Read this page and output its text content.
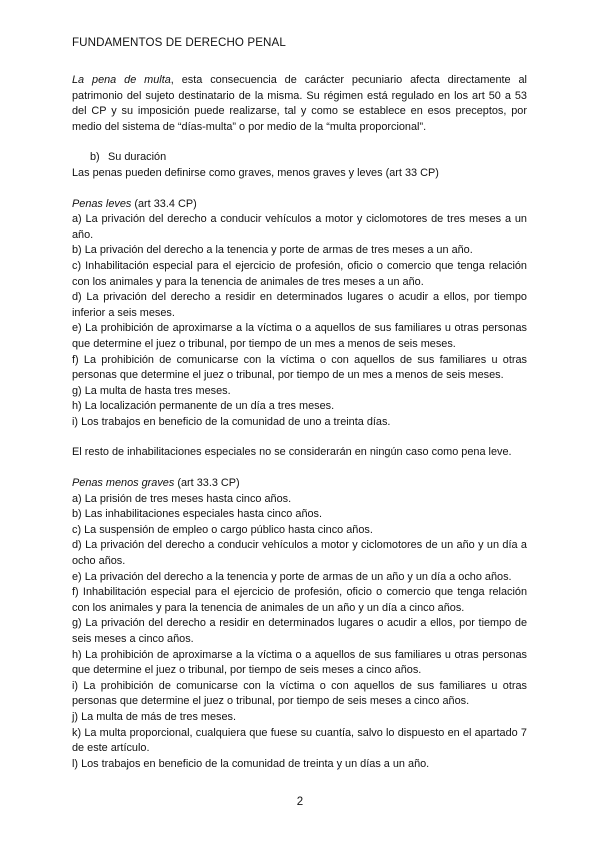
FUNDAMENTOS DE DERECHO PENAL

La pena de multa, esta consecuencia de carácter pecuniario afecta directamente al patrimonio del sujeto destinatario de la misma. Su régimen está regulado en los art 50 a 53 del CP y su imposición puede realizarse, tal y como se establece en esos preceptos, por medio del sistema de “días-multa” o por medio de la “multa proporcional”.

b) Su duración

Las penas pueden definirse como graves, menos graves y leves (art 33 CP)

Penas leves (art 33.4 CP)

a) La privación del derecho a conducir vehículos a motor y ciclomotores de tres meses a un año.

b) La privación del derecho a la tenencia y porte de armas de tres meses a un año.

c) Inhabilitación especial para el ejercicio de profesión, oficio o comercio que tenga relación con los animales y para la tenencia de animales de tres meses a un año.

d) La privación del derecho a residir en determinados lugares o acudir a ellos, por tiempo inferior a seis meses.

e) La prohibición de aproximarse a la víctima o a aquellos de sus familiares u otras personas que determine el juez o tribunal, por tiempo de un mes a menos de seis meses.

f) La prohibición de comunicarse con la víctima o con aquellos de sus familiares u otras personas que determine el juez o tribunal, por tiempo de un mes a menos de seis meses.

g) La multa de hasta tres meses.

h) La localización permanente de un día a tres meses.

i) Los trabajos en beneficio de la comunidad de uno a treinta días.

El resto de inhabilitaciones especiales no se considerarán en ningún caso como pena leve.

Penas menos graves (art 33.3 CP)

a) La prisión de tres meses hasta cinco años.

b) Las inhabilitaciones especiales hasta cinco años.

c) La suspensión de empleo o cargo público hasta cinco años.

d) La privación del derecho a conducir vehículos a motor y ciclomotores de un año y un día a ocho años.

e) La privación del derecho a la tenencia y porte de armas de un año y un día a ocho años.

f) Inhabilitación especial para el ejercicio de profesión, oficio o comercio que tenga relación con los animales y para la tenencia de animales de un año y un día a cinco años.

g) La privación del derecho a residir en determinados lugares o acudir a ellos, por tiempo de seis meses a cinco años.

h) La prohibición de aproximarse a la víctima o a aquellos de sus familiares u otras personas que determine el juez o tribunal, por tiempo de seis meses a cinco años.

i) La prohibición de comunicarse con la víctima o con aquellos de sus familiares u otras personas que determine el juez o tribunal, por tiempo de seis meses a cinco años.

j) La multa de más de tres meses.

k) La multa proporcional, cualquiera que fuese su cuantía, salvo lo dispuesto en el apartado 7 de este artículo.

l) Los trabajos en beneficio de la comunidad de treinta y un días a un año.

2
